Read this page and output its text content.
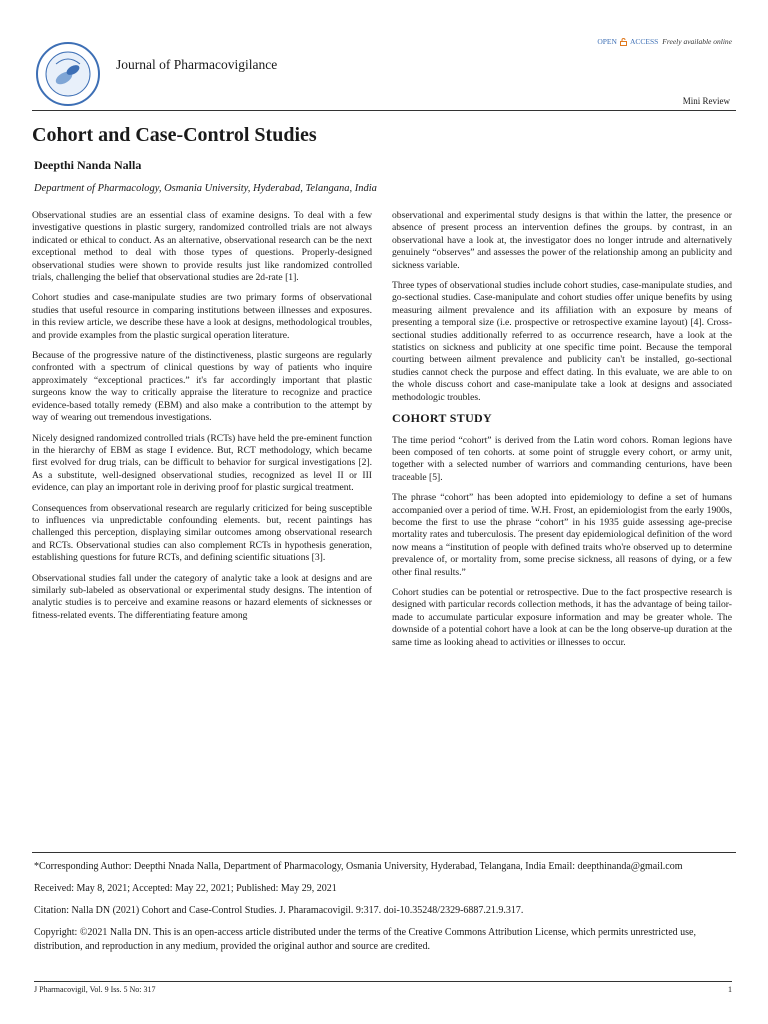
Journal of Pharmacovigilance
OPEN ACCESS Freely available online
Mini Review
Cohort and Case-Control Studies
Deepthi Nanda Nalla
Department of Pharmacology, Osmania University, Hyderabad, Telangana, India

Observational studies are an essential class of examine designs. To deal with a few investigative questions in plastic surgery, randomized controlled trials are not always indicated or ethical to conduct. As an alternative, observational research can be the next exceptional method to deal with those types of questions. Properly-designed observational studies were shown to provide results just like randomized controlled trials, challenging the belief that observational studies are 2d-rate [1].

Cohort studies and case-manipulate studies are two primary forms of observational studies that useful resource in comparing institutions between illnesses and exposures. in this review article, we describe these have a look at designs, methodological troubles, and provide examples from the plastic surgical operation literature.

Because of the progressive nature of the distinctiveness, plastic surgeons are regularly confronted with a spectrum of clinical questions by way of patients who inquire approximately “exceptional practices.” it's far accordingly important that plastic surgeons know the way to critically appraise the literature to recognize and practice evidence-based totally remedy (EBM) and also make a contribution to the attempt by way of wearing out tremendous investigations.

Nicely designed randomized controlled trials (RCTs) have held the pre-eminent function in the hierarchy of EBM as stage I evidence. But, RCT methodology, which became first evolved for drug trials, can be difficult to behavior for surgical investigations [2]. As a substitute, well-designed observational studies, recognized as level II or III evidence, can play an important role in deriving proof for plastic surgical treatment.

Consequences from observational research are regularly criticized for being susceptible to influences via unpredictable confounding elements. but, recent paintings has challenged this perception, displaying similar outcomes among observational research and RCTs. Observational studies can also complement RCTs in hypothesis generation, establishing questions for future RCTs, and defining scientific situations [3].

Observational studies fall under the category of analytic take a look at designs and are similarly sub-labeled as observational or experimental study designs. The intention of analytic studies is to perceive and examine reasons or hazard elements of sicknesses or fitness-related events. The differentiating feature among

observational and experimental study designs is that within the latter, the presence or absence of present process an intervention defines the groups. by contrast, in an observational have a look at, the investigator does no longer intrude and alternatively genuinely “observes” and assesses the power of the relationship among an publicity and sickness variable.

Three types of observational studies include cohort studies, case-manipulate studies, and go-sectional studies. Case-manipulate and cohort studies offer unique benefits by using measuring ailment prevalence and its affiliation with an exposure by means of presenting a temporal size (i.e. prospective or retrospective examine layout) [4]. Cross-sectional studies additionally referred to as occurrence research, have a look at the statistics on sickness and publicity at one specific time point. Because the temporal courting between ailment prevalence and publicity can't be installed, go-sectional studies cannot check the purpose and effect dating. In this evaluate, we are able to on the whole discuss cohort and case-manipulate take a look at designs and associated methodologic troubles.

COHORT STUDY

The time period “cohort” is derived from the Latin word cohors. Roman legions have been composed of ten cohorts. at some point of struggle every cohort, or army unit, together with a selected number of warriors and commanding centurions, have been traceable [5].

The phrase “cohort” has been adopted into epidemiology to define a set of humans accompanied over a period of time. W.H. Frost, an epidemiologist from the early 1900s, become the first to use the phrase “cohort” in his 1935 guide assessing age-precise mortality rates and tuberculosis. The present day epidemiological definition of the word now means a “institution of people with defined traits who're observed up to determine prevalence of, or mortality from, some precise sickness, all reasons of dying, or a few other final results.”

Cohort studies can be potential or retrospective. Due to the fact prospective research is designed with particular records collection methods, it has the advantage of being tailor-made to accumulate particular exposure information and may be greater whole. The downside of a potential cohort have a look at can be the long observe-up duration at the same time as looking ahead to activities or illnesses to occur.

*Corresponding Author: Deepthi Nnada Nalla, Department of Pharmacology, Osmania University, Hyderabad, Telangana, India Email: deepthinanda@gmail.com

Received: May 8, 2021; Accepted: May 22, 2021; Published: May 29, 2021

Citation: Nalla DN (2021) Cohort and Case-Control Studies. J. Pharamacovigil. 9:317. doi-10.35248/2329-6887.21.9.317.

Copyright: ©2021 Nalla DN. This is an open-access article distributed under the terms of the Creative Commons Attribution License, which permits unrestricted use, distribution, and reproduction in any medium, provided the original author and source are credited.

J Pharmacovigil, Vol. 9 Iss. 5 No: 317	1
